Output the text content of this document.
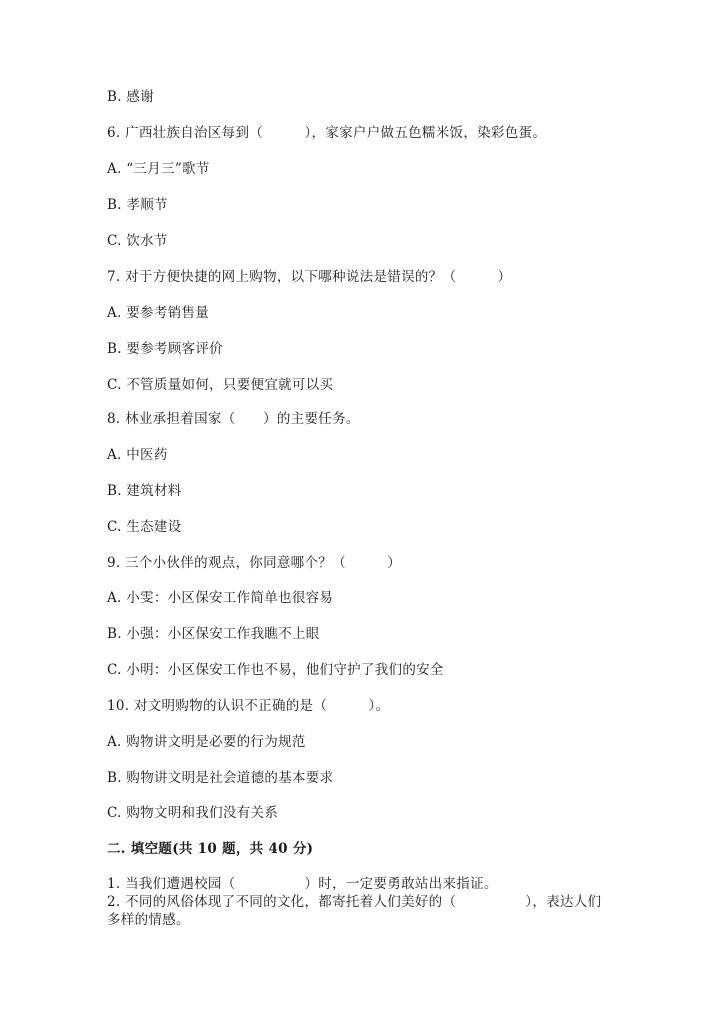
B. 感谢
6. 广西壮族自治区每到（　　　），家家户户做五色糯米饭，染彩色蛋。
A. “三月三”歌节
B. 孝顺节
C. 饮水节
7. 对于方便快捷的网上购物，以下哪种说法是错误的？（　　　）
A. 要参考销售量
B. 要参考顾客评价
C. 不管质量如何，只要便宜就可以买
8. 林业承担着国家（　　）的主要任务。
A. 中医药
B. 建筑材料
C. 生态建设
9. 三个小伙伴的观点，你同意哪个？（　　　）
A. 小雯：小区保安工作简单也很容易
B. 小强：小区保安工作我瞧不上眼
C. 小明：小区保安工作也不易，他们守护了我们的安全
10. 对文明购物的认识不正确的是（　　　）。
A. 购物讲文明是必要的行为规范
B. 购物讲文明是社会道德的基本要求
C. 购物文明和我们没有关系
二. 填空题(共 10 题，共 40 分)
1. 当我们遭遇校园（　　　　　）时，一定要勇敢站出来指证。
2. 不同的风俗体现了不同的文化，都寄托着人们美好的（　　　　　），表达人们多样的情感。
